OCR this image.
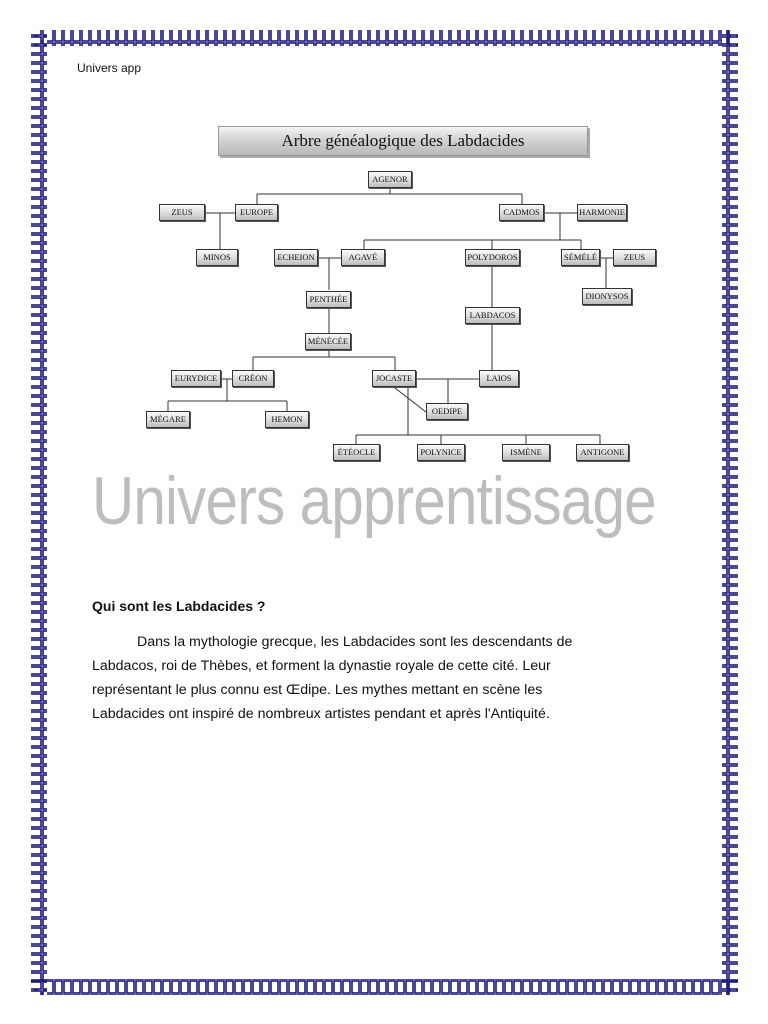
Univers app
Arbre généalogique des Labdacides
AGENOR
ZEUS	EUROPE	CADMOS	HARMONIE
MINOS	ECHEION	AGAVÉ	POLYDOROS	SÉMÉLÉ	ZEUS
DIONYSOS
PENTHÉE
LABDACOS
MÉNÉCÉE
EURYDICE	CRÉON	JOCASTE	LAIOS
OEDIPE
MÉGARE	HEMON
ÉTÉOCLE	POLYNICE	ISMÈNE	ANTIGONE
Univers apprentissage
Qui sont les Labdacides ?
Dans la mythologie grecque, les Labdacides sont les descendants de
Labdacos, roi de Thèbes, et forment la dynastie royale de cette cité. Leur
représentant le plus connu est Œdipe. Les mythes mettant en scène les
Labdacides ont inspiré de nombreux artistes pendant et après l'Antiquité.
